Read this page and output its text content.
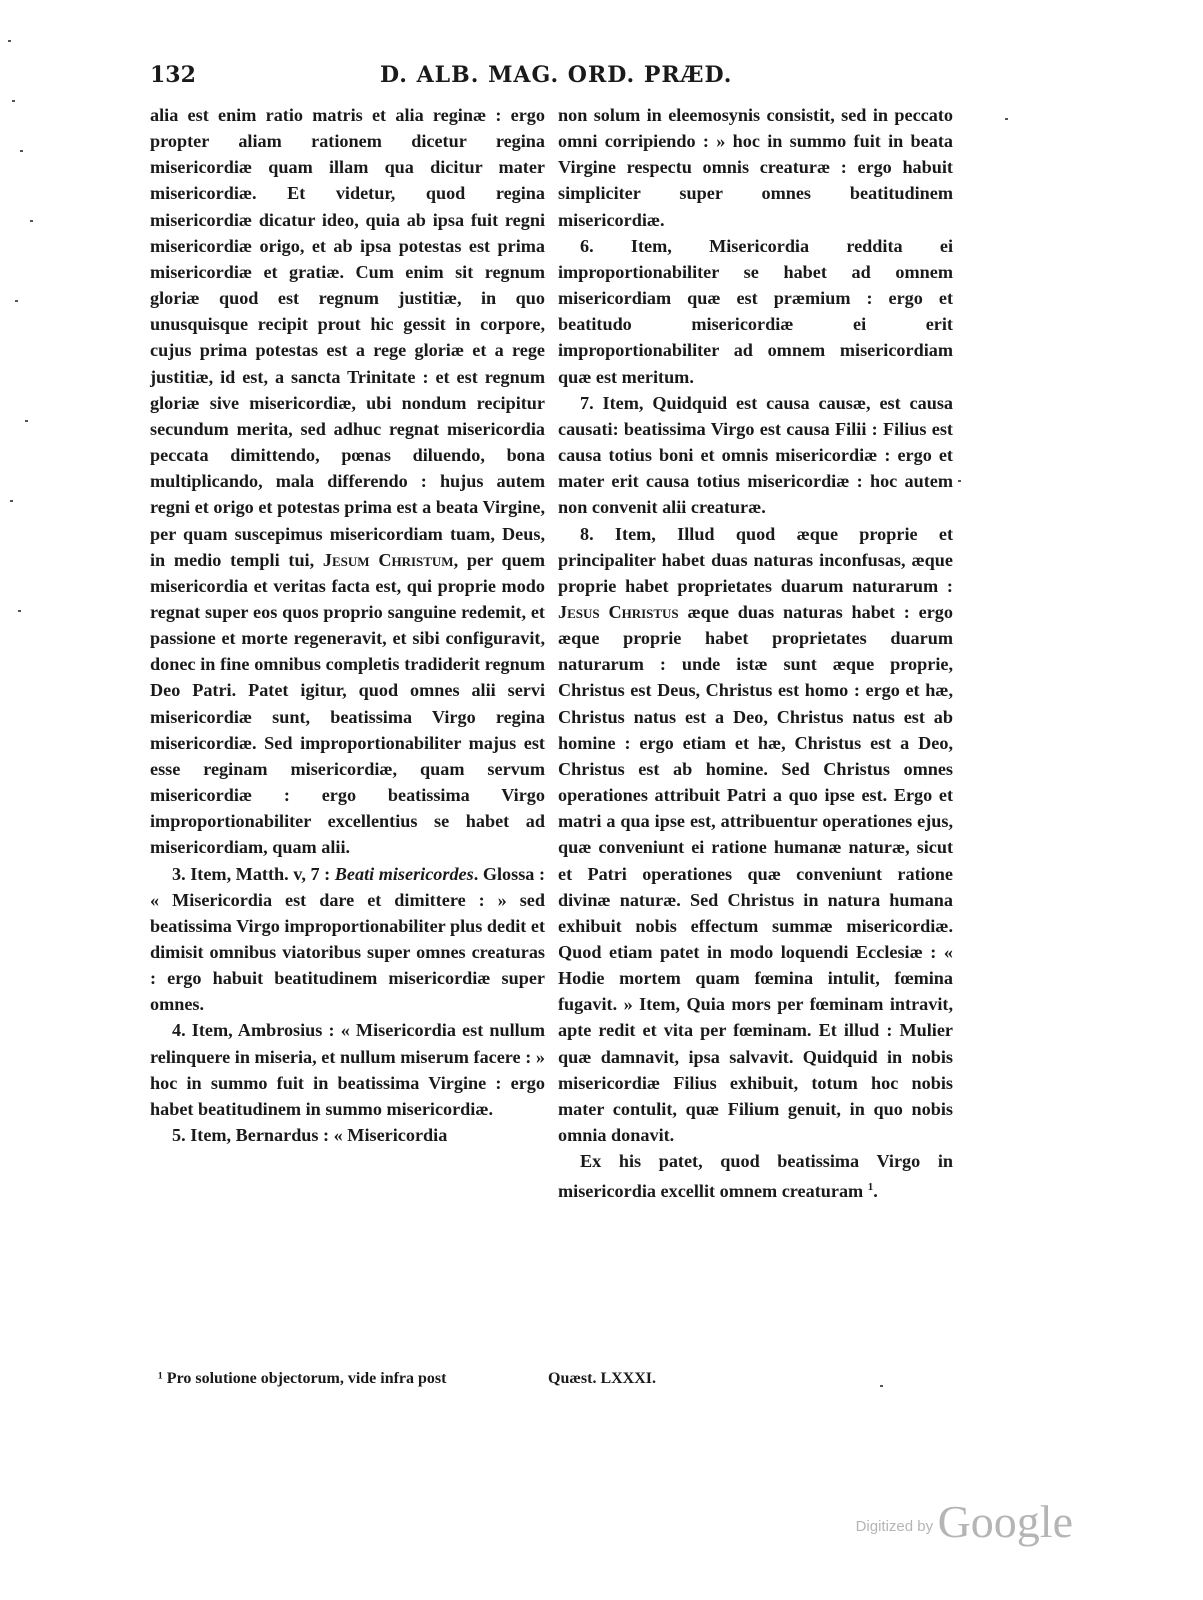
132	D. ALB. MAG. ORD. PRÆD.

alia est enim ratio matris et alia reginæ : ergo propter aliam rationem dicetur regina misericordiæ quam illam qua dicitur mater misericordiæ. Et videtur, quod regina misericordiæ dicatur ideo, quia ab ipsa fuit regni misericordiæ origo, et ab ipsa potestas est prima misericordiæ et gratiæ. Cum enim sit regnum gloriæ quod est regnum justitiæ, in quo unusquisque recipit prout hic gessit in corpore, cujus prima potestas est a rege gloriæ et a rege justitiæ, id est, a sancta Trinitate : et est regnum gloriæ sive misericordiæ, ubi nondum recipitur secundum merita, sed adhuc regnat misericordia peccata dimittendo, pœnas diluendo, bona multiplicando, mala differendo : hujus autem regni et origo et potestas prima est a beata Virgine, per quam suscepimus misericordiam tuam, Deus, in medio templi tui, Jesum Christum, per quem misericordia et veritas facta est, qui proprie modo regnat super eos quos proprio sanguine redemit, et passione et morte regeneravit, et sibi configuravit, donec in fine omnibus completis tradiderit regnum Deo Patri. Patet igitur, quod omnes alii servi misericordiæ sunt, beatissima Virgo regina misericordiæ. Sed improportionabiliter majus est esse reginam misericordiæ, quam servum misericordiæ : ergo beatissima Virgo improportionabiliter excellentius se habet ad misericordiam, quam alii.

3. Item, Matth. v, 7 : Beati misericordes. Glossa : « Misericordia est dare et dimittere : » sed beatissima Virgo improportionabiliter plus dedit et dimisit omnibus viatoribus super omnes creaturas : ergo habuit beatitudinem misericordiæ super omnes.

4. Item, Ambrosius : « Misericordia est nullum relinquere in miseria, et nullum miserum facere : » hoc in summo fuit in beatissima Virgine : ergo habet beatitudinem in summo misericordiæ.

5. Item, Bernardus : « Misericordia

non solum in eleemosynis consistit, sed in peccato omni corripiendo : » hoc in summo fuit in beata Virgine respectu omnis creaturæ : ergo habuit simpliciter super omnes beatitudinem misericordiæ.

6. Item, Misericordia reddita ei improportionabiliter se habet ad omnem misericordiam quæ est præmium : ergo et beatitudo misericordiæ ei erit improportionabiliter ad omnem misericordiam quæ est meritum.

7. Item, Quidquid est causa causæ, est causa causati: beatissima Virgo est causa Filii : Filius est causa totius boni et omnis misericordiæ : ergo et mater erit causa totius misericordiæ : hoc autem non convenit alii creaturæ.

8. Item, Illud quod æque proprie et principaliter habet duas naturas inconfusas, æque proprie habet proprietates duarum naturarum : Jesus Christus æque duas naturas habet : ergo æque proprie habet proprietates duarum naturarum : unde istæ sunt æque proprie, Christus est Deus, Christus est homo : ergo et hæ, Christus natus est a Deo, Christus natus est ab homine : ergo etiam et hæ, Christus est a Deo, Christus est ab homine. Sed Christus omnes operationes attribuit Patri a quo ipse est. Ergo et matri a qua ipse est, attribuentur operationes ejus, quæ conveniunt ei ratione humanæ naturæ, sicut et Patri operationes quæ conveniunt ratione divinæ naturæ. Sed Christus in natura humana exhibuit nobis effectum summæ misericordiæ. Quod etiam patet in modo loquendi Ecclesiæ : « Hodie mortem quam fœmina intulit, fœmina fugavit. » Item, Quia mors per fœminam intravit, apte redit et vita per fœminam. Et illud : Mulier quæ damnavit, ipsa salvavit. Quidquid in nobis misericordiæ Filius exhibuit, totum hoc nobis mater contulit, quæ Filium genuit, in quo nobis omnia donavit.

Ex his patet, quod beatissima Virgo in misericordia excellit omnem creaturam $^1$.

¹ Pro solutione objectorum, vide infra post	Quæst. LXXXI.
Digitized by Google
